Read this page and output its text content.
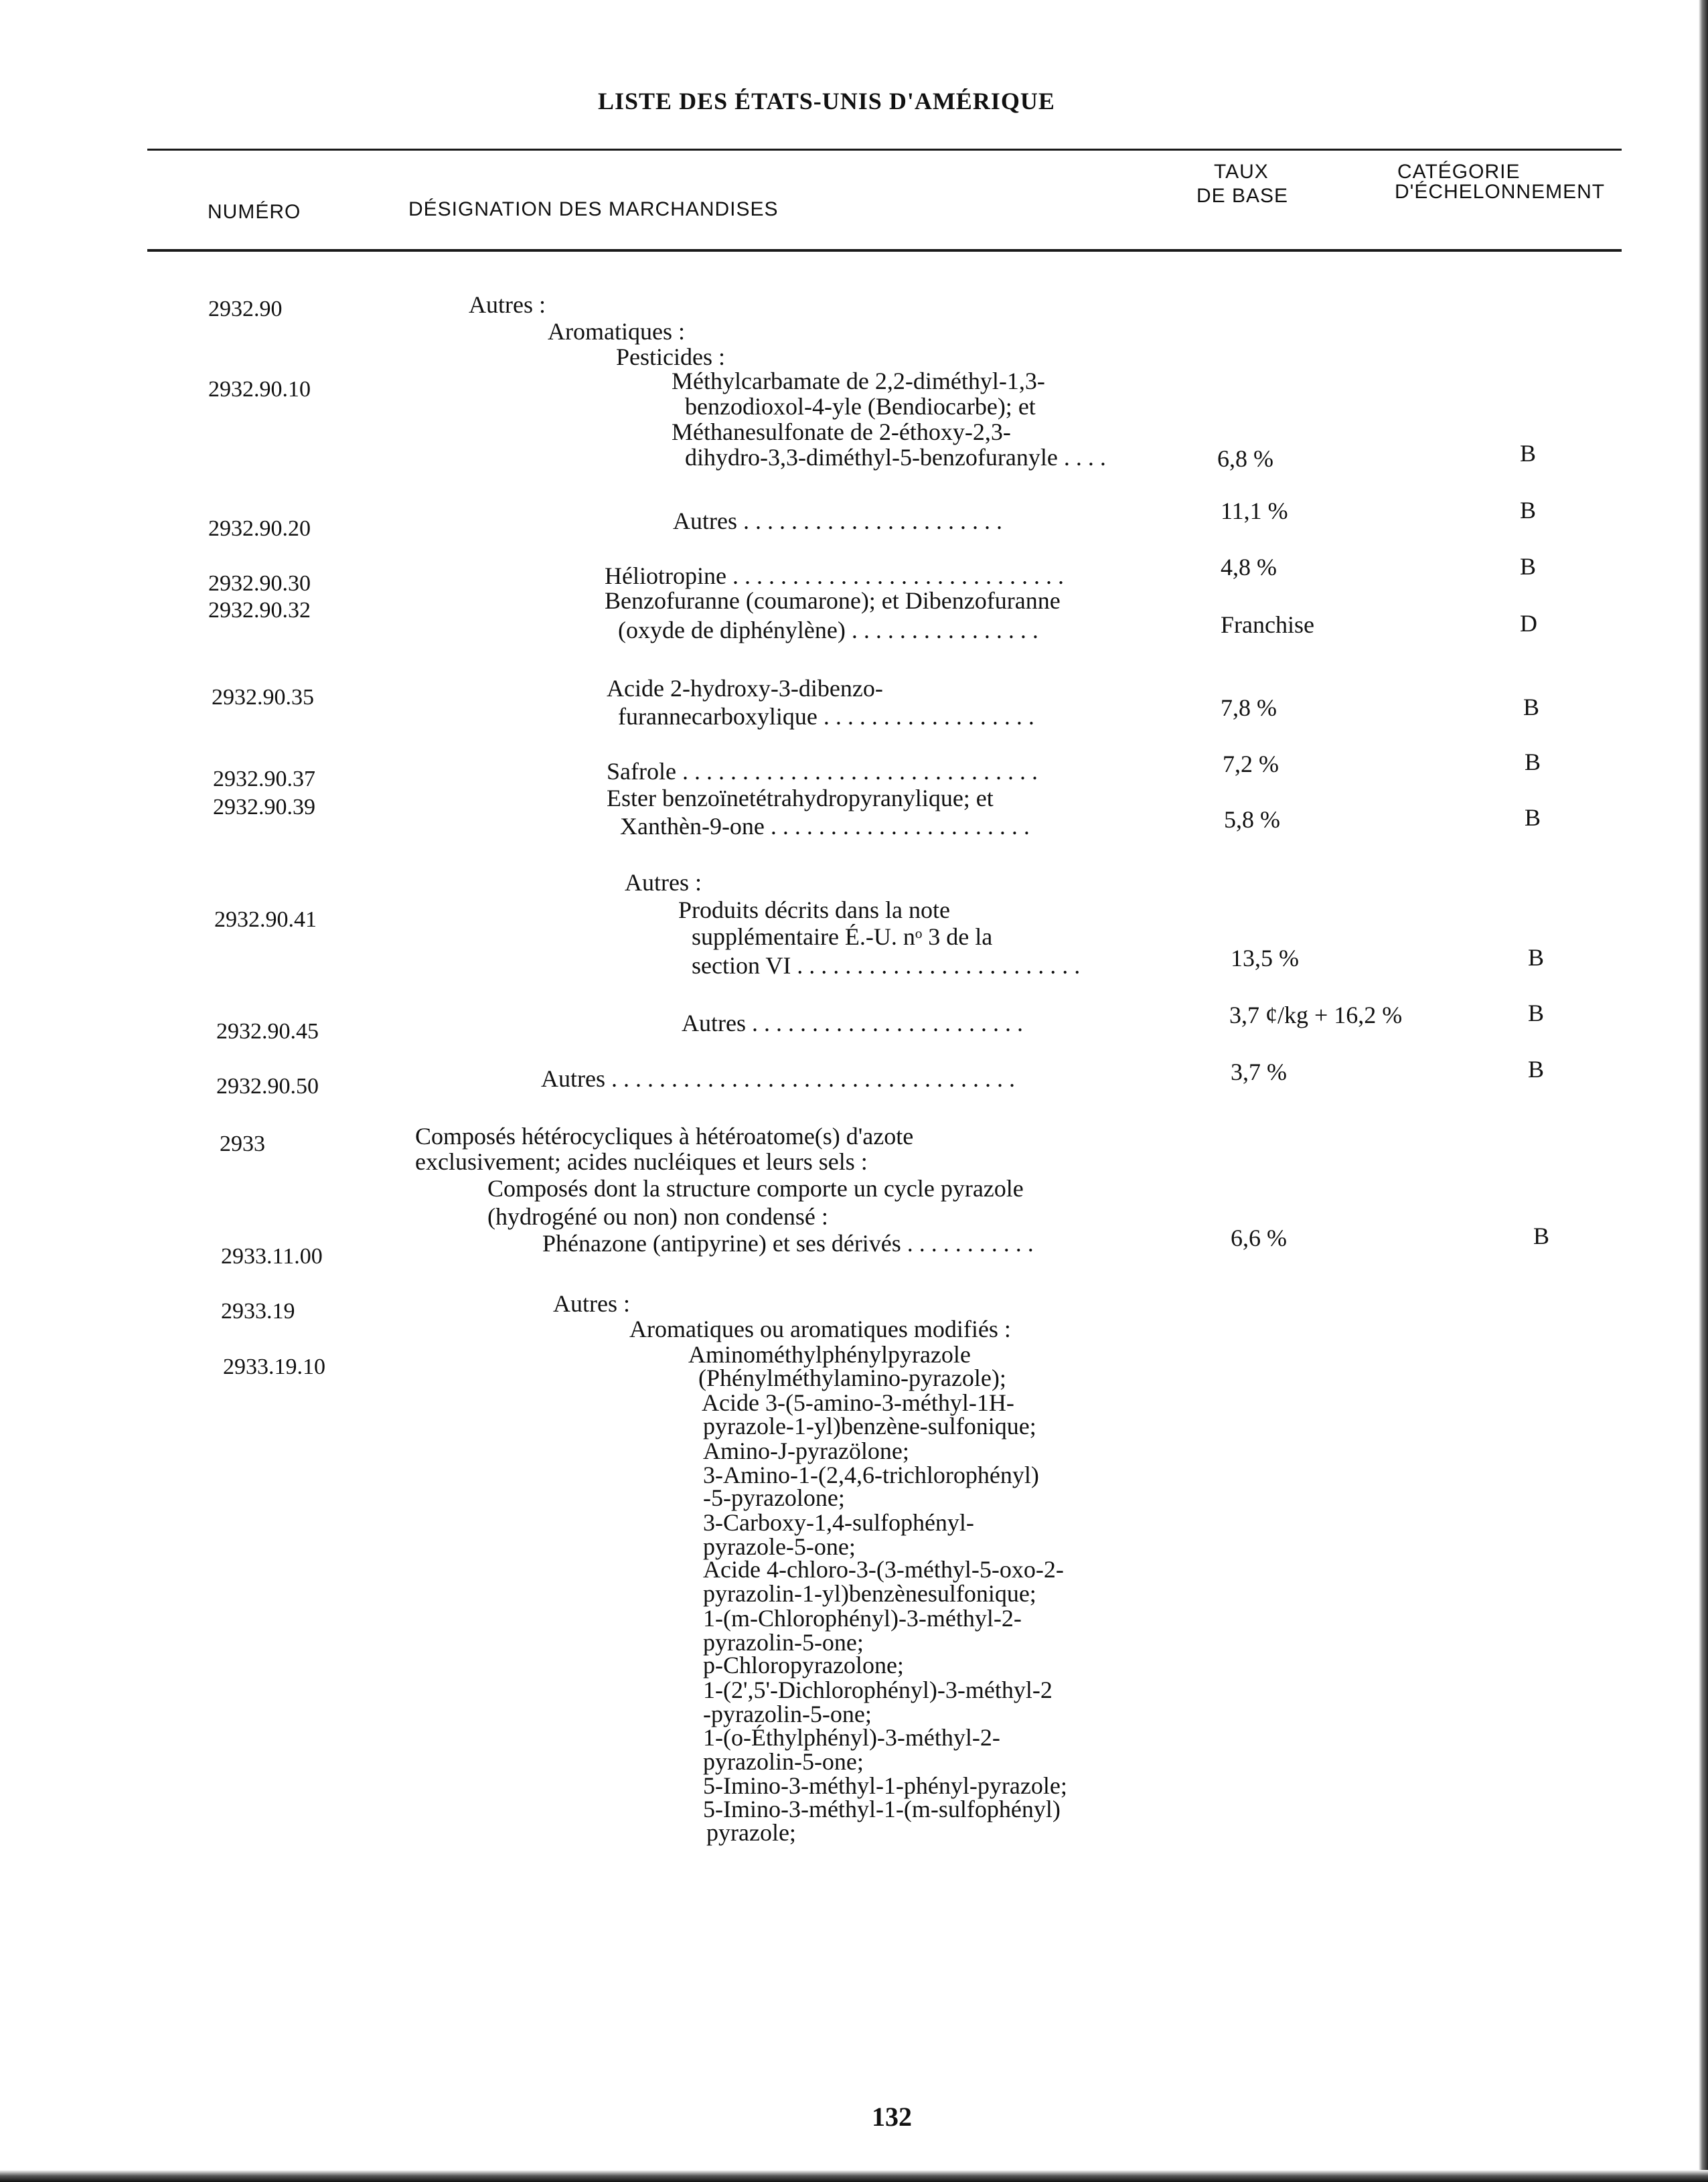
LISTE DES ÉTATS-UNIS D'AMÉRIQUE
NUMÉRO	DÉSIGNATION DES MARCHANDISES
TAUX
DE BASE
CATÉGORIE
D'ÉCHELONNEMENT
2932.90
2932.90.10
2932.90.20
2932.90.30
2932.90.32
2932.90.35
2932.90.37
2932.90.39
2932.90.41
2932.90.45
2932.90.50
2933
2933.11.00
2933.19
2933.19.10
Autres :
Aromatiques :
Pesticides :
Méthylcarbamate de 2,2-diméthyl-1,3-
benzodioxol-4-yle (Bendiocarbe); et
Méthanesulfonate de 2-éthoxy-2,3-
dihydro-3,3-diméthyl-5-benzofuranyle . . . .
Autres . . . . . . . . . . . . . . . . . . . . . .
Héliotropine . . . . . . . . . . . . . . . . . . . . . . . . . . . .
Benzofuranne (coumarone); et Dibenzofuranne
(oxyde de diphénylène) . . . . . . . . . . . . . . . .
Acide 2-hydroxy-3-dibenzo-
furannecarboxylique . . . . . . . . . . . . . . . . . .
Safrole . . . . . . . . . . . . . . . . . . . . . . . . . . . . . .
Ester benzoïnetétrahydropyranylique; et
Xanthèn-9-one . . . . . . . . . . . . . . . . . . . . . .
Autres :
Produits décrits dans la note
supplémentaire É.-U. nᵒ 3 de la
section VI . . . . . . . . . . . . . . . . . . . . . . . .
Autres . . . . . . . . . . . . . . . . . . . . . . .
Autres . . . . . . . . . . . . . . . . . . . . . . . . . . . . . . . . . .
Composés hétérocycliques à hétéroatome(s) d'azote
exclusivement; acides nucléiques et leurs sels :
Composés dont la structure comporte un cycle pyrazole
(hydrogéné ou non) non condensé :
Phénazone (antipyrine) et ses dérivés . . . . . . . . . . .
Autres :
Aromatiques ou aromatiques modifiés :
Aminométhylphénylpyrazole
(Phénylméthylamino-pyrazole);
Acide 3-(5-amino-3-méthyl-1H-
pyrazole-1-yl)benzène-sulfonique;
Amino-J-pyrazölone;
3-Amino-1-(2,4,6-trichlorophényl)
-5-pyrazolone;
3-Carboxy-1,4-sulfophényl-
pyrazole-5-one;
Acide 4-chloro-3-(3-méthyl-5-oxo-2-
pyrazolin-1-yl)benzènesulfonique;
1-(m-Chlorophényl)-3-méthyl-2-
pyrazolin-5-one;
p-Chloropyrazolone;
1-(2',5'-Dichlorophényl)-3-méthyl-2
-pyrazolin-5-one;
1-(o-Éthylphényl)-3-méthyl-2-
pyrazolin-5-one;
5-Imino-3-méthyl-1-phényl-pyrazole;
5-Imino-3-méthyl-1-(m-sulfophényl)
pyrazole;
6,8 %
11,1 %
4,8 %
Franchise
7,8 %
7,2 %
5,8 %
13,5 %
3,7 ¢/kg + 16,2 %
3,7 %
6,6 %
B
B
B
D
B
B
B
B
B
B
B
132
